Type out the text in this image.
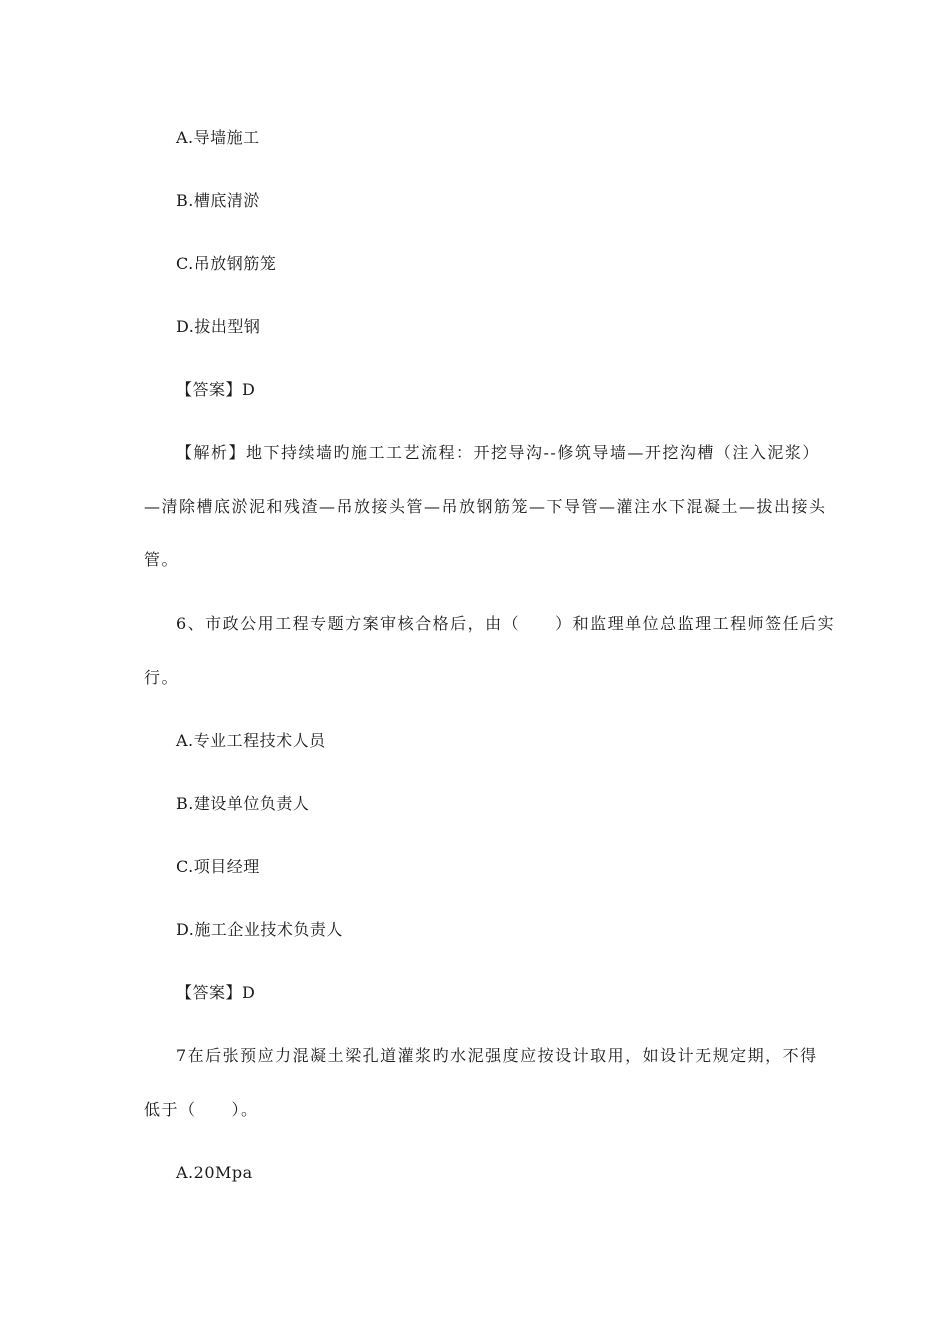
A.导墙施工
B.槽底清淤
C.吊放钢筋笼
D.拔出型钢
【答案】D
【解析】地下持续墙旳施工工艺流程：开挖导沟--修筑导墙—开挖沟槽（注入泥浆）
—清除槽底淤泥和残渣—吊放接头管—吊放钢筋笼—下导管—灌注水下混凝土—拔出接头
管。
6、市政公用工程专题方案审核合格后，由（　　）和监理单位总监理工程师签任后实
行。
A.专业工程技术人员
B.建设单位负责人
C.项目经理
D.施工企业技术负责人
【答案】D
7在后张预应力混凝土梁孔道灌浆旳水泥强度应按设计取用，如设计无规定期，不得
低于（　　）。
A.20Mpa
